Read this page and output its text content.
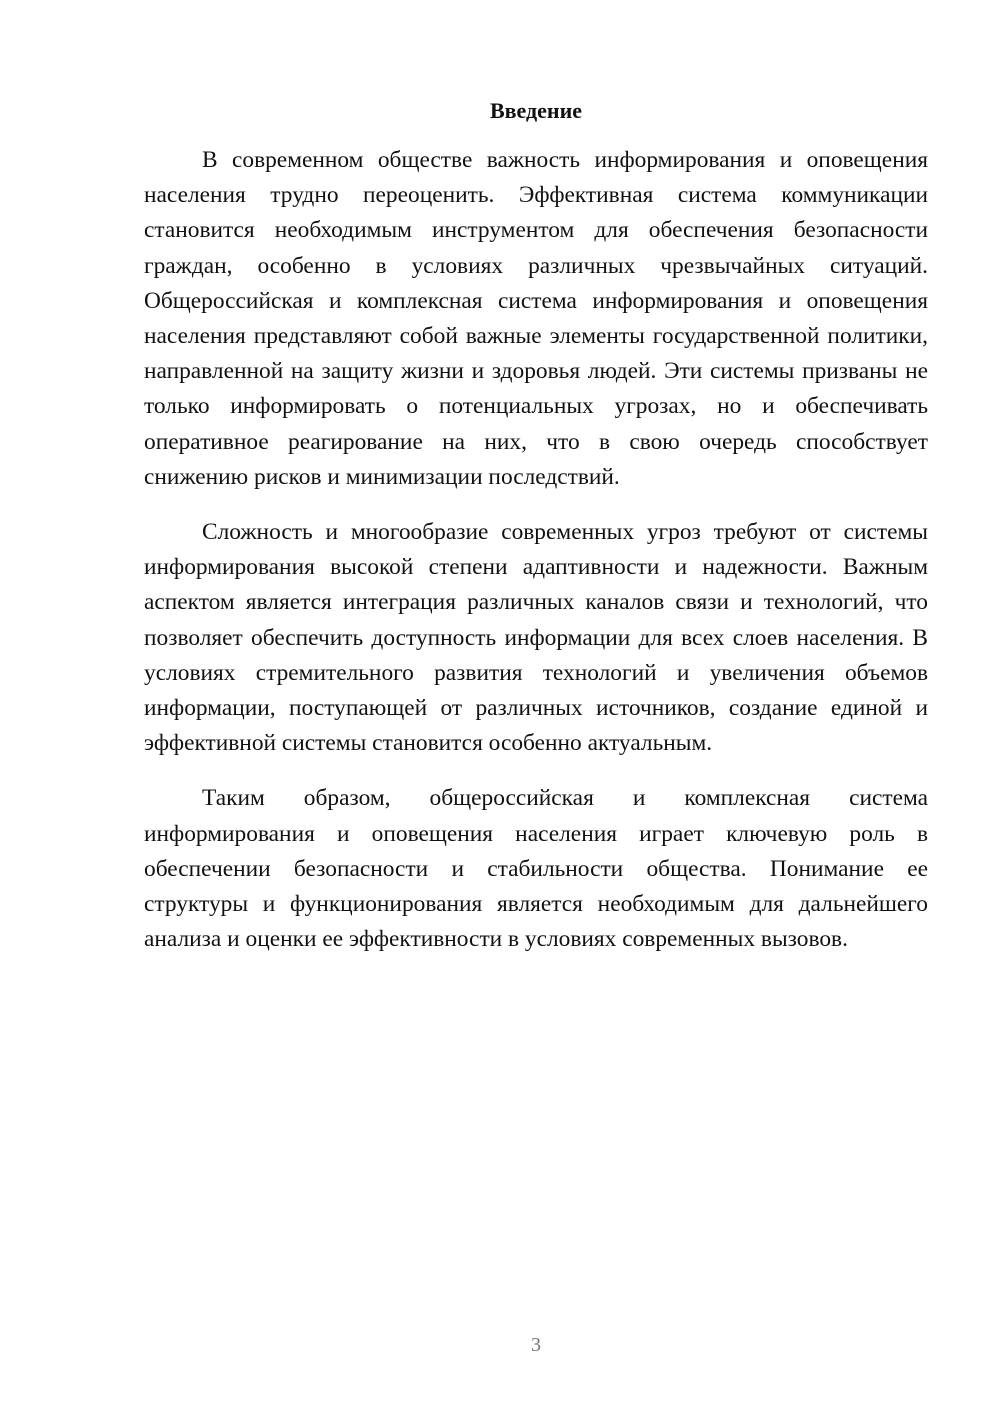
Введение

В современном обществе важность информирования и оповещения населения трудно переоценить. Эффективная система коммуникации становится необходимым инструментом для обеспечения безопасности граждан, особенно в условиях различных чрезвычайных ситуаций. Общероссийская и комплексная система информирования и оповещения населения представляют собой важные элементы государственной политики, направленной на защиту жизни и здоровья людей. Эти системы призваны не только информировать о потенциальных угрозах, но и обеспечивать оперативное реагирование на них, что в свою очередь способствует снижению рисков и минимизации последствий.

Сложность и многообразие современных угроз требуют от системы информирования высокой степени адаптивности и надежности. Важным аспектом является интеграция различных каналов связи и технологий, что позволяет обеспечить доступность информации для всех слоев населения. В условиях стремительного развития технологий и увеличения объемов информации, поступающей от различных источников, создание единой и эффективной системы становится особенно актуальным.

Таким образом, общероссийская и комплексная система информирования и оповещения населения играет ключевую роль в обеспечении безопасности и стабильности общества. Понимание ее структуры и функционирования является необходимым для дальнейшего анализа и оценки ее эффективности в условиях современных вызовов.

3
